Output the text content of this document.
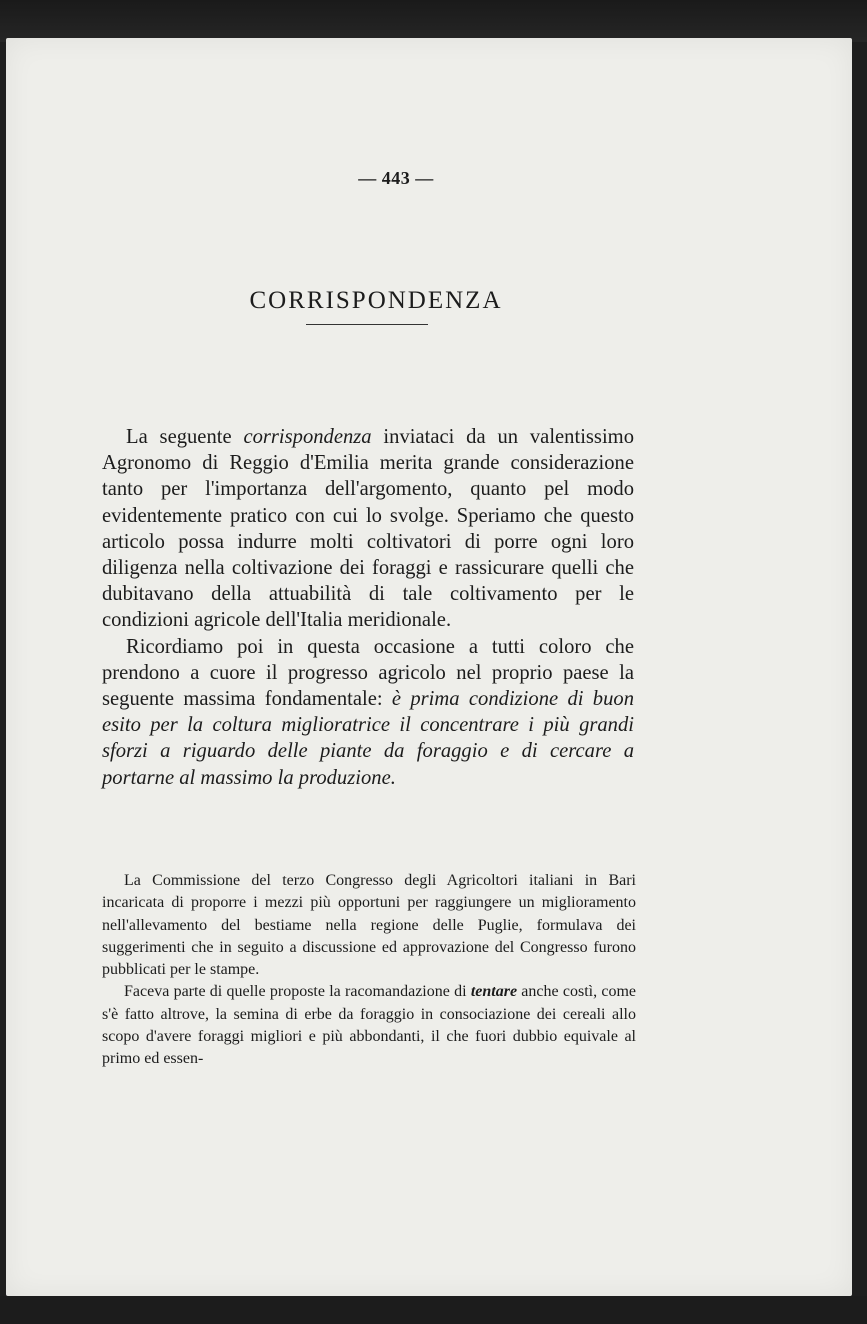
— 443 —
CORRISPONDENZA

La seguente corrispondenza inviataci da un valentissimo Agronomo di Reggio d'Emilia merita grande considerazione tanto per l'importanza dell'argomento, quanto pel modo evidentemente pratico con cui lo svolge. Speriamo che questo articolo possa indurre molti coltivatori di porre ogni loro diligenza nella coltivazione dei foraggi e rassicurare quelli che dubitavano della attuabilità di tale coltivamento per le condizioni agricole dell'Italia meridionale.

Ricordiamo poi in questa occasione a tutti coloro che prendono a cuore il progresso agricolo nel proprio paese la seguente massima fondamentale: è prima condizione di buon esito per la coltura miglioratrice il concentrare i più grandi sforzi a riguardo delle piante da foraggio e di cercare a portarne al massimo la produzione.

La Commissione del terzo Congresso degli Agricoltori italiani in Bari incaricata di proporre i mezzi più opportuni per raggiungere un miglioramento nell'allevamento del bestiame nella regione delle Puglie, formulava dei suggerimenti che in seguito a discussione ed approvazione del Congresso furono pubblicati per le stampe.

Faceva parte di quelle proposte la racomandazione di tentare anche costì, come s'è fatto altrove, la semina di erbe da foraggio in consociazione dei cereali allo scopo d'avere foraggi migliori e più abbondanti, il che fuori dubbio equivale al primo ed essen-
